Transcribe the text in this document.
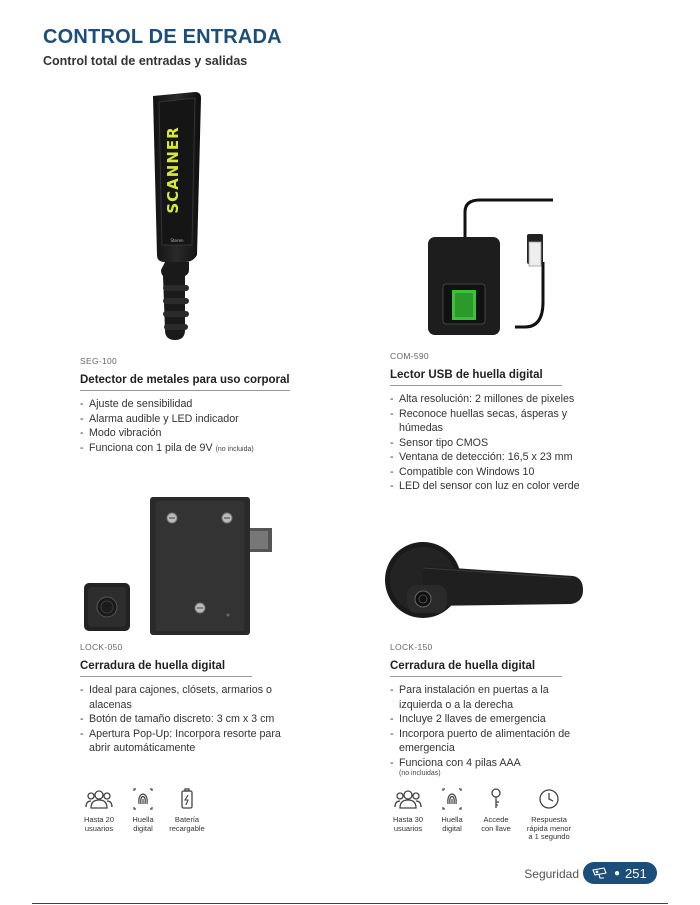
CONTROL DE ENTRADA
Control total de entradas y salidas
SCANNER
Steren
SEG-100
Detector de metales para uso corporal
- Ajuste de sensibilidad
- Alarma audible y LED indicador
- Modo vibración
- Funciona con 1 pila de 9V (no incluida)
COM-590
Lector USB de huella digital
- Alta resolución: 2 millones de pixeles
- Reconoce huellas secas, ásperas y húmedas
- Sensor tipo CMOS
- Ventana de detección: 16,5 x 23 mm
- Compatible con Windows 10
- LED del sensor con luz en color verde
LOCK-050
Cerradura de huella digital
- Ideal para cajones, clósets, armarios o alacenas
- Botón de tamaño discreto: 3 cm x 3 cm
- Apertura Pop-Up: Incorpora resorte para abrir automáticamente
LOCK-150
Cerradura de huella digital
- Para instalación en puertas a la izquierda o a la derecha
- Incluye 2 llaves de emergencia
- Incorpora puerto de alimentación de emergencia
- Funciona con 4 pilas AAA
(no incluidas)
Hasta 20
usuarios
Huella
digital
Batería
recargable
Hasta 30
usuarios
Huella
digital
Accede
con llave
Respuesta
rápida menor
a 1 segundo
Seguridad	● 251
